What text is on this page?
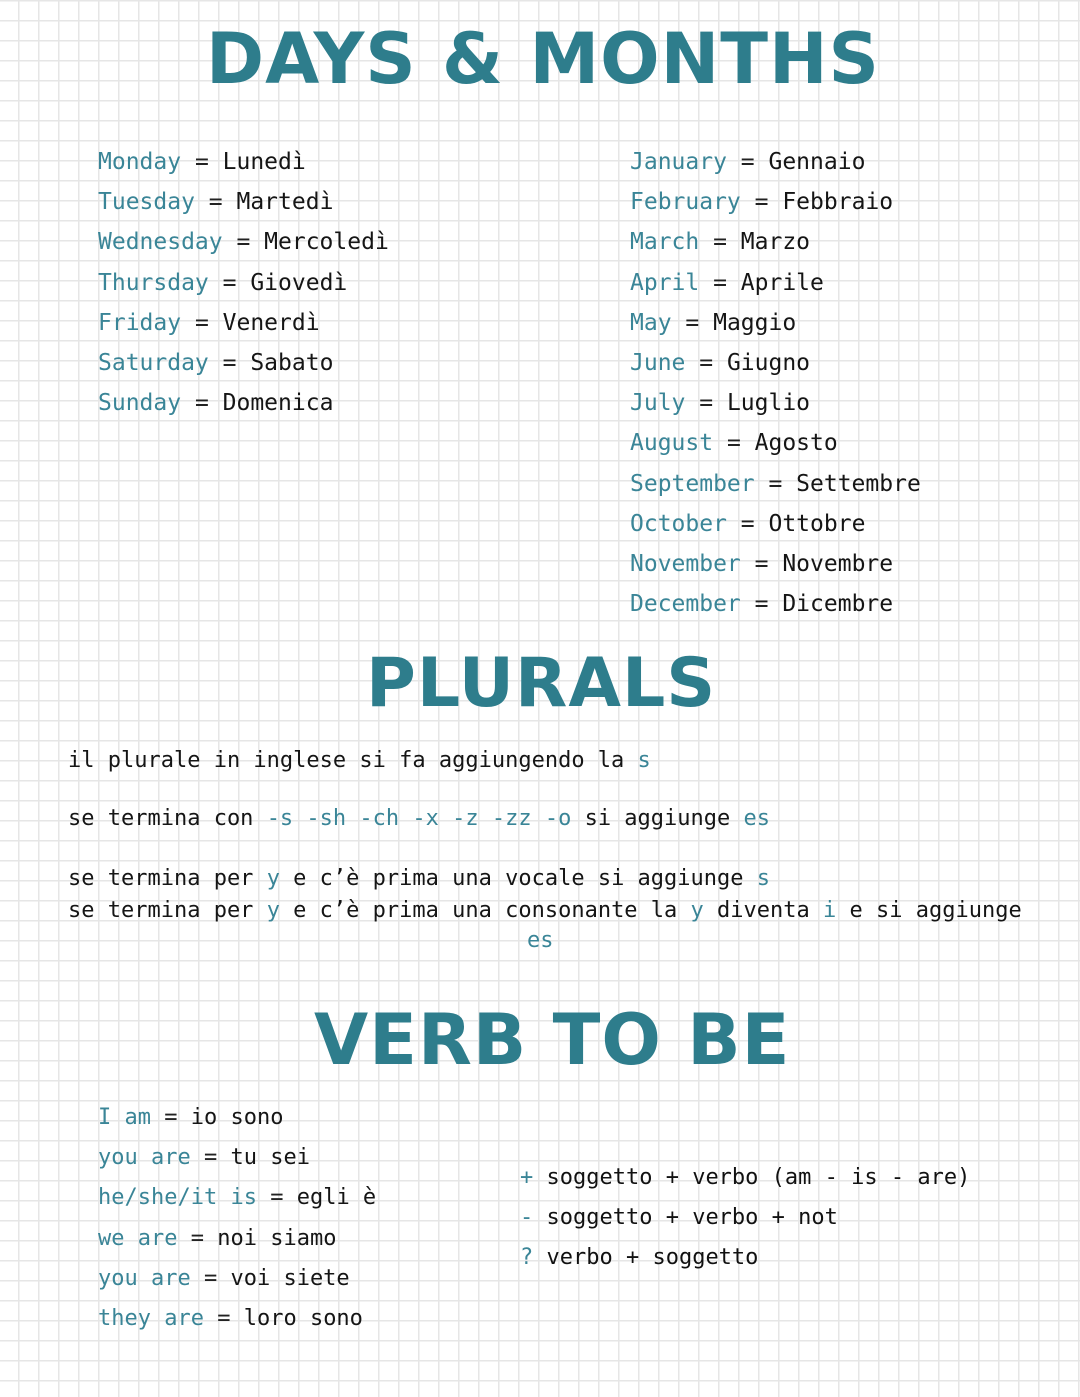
DAYS & MONTHS
Monday = Lunedì
Tuesday = Martedì
Wednesday = Mercoledì
Thursday = Giovedì
Friday = Venerdì
Saturday = Sabato
Sunday = Domenica
January = Gennaio
February = Febbraio
March = Marzo
April = Aprile
May = Maggio
June = Giugno
July = Luglio
August = Agosto
September = Settembre
October = Ottobre
November = Novembre
December = Dicembre
PLURALS

il plurale in inglese si fa aggiungendo la s

se termina con -s -sh -ch -x -z -zz -o si aggiunge es

se termina per y e c’è prima una vocale si aggiunge s

se termina per y e c’è prima una consonante la y diventa i e si aggiunge

es

VERB TO BE
I am = io sono
you are = tu sei
he/she/it is = egli è
we are = noi siamo
you are = voi siete
they are = loro sono
+ soggetto + verbo (am - is - are)
- soggetto + verbo + not
? verbo + soggetto
